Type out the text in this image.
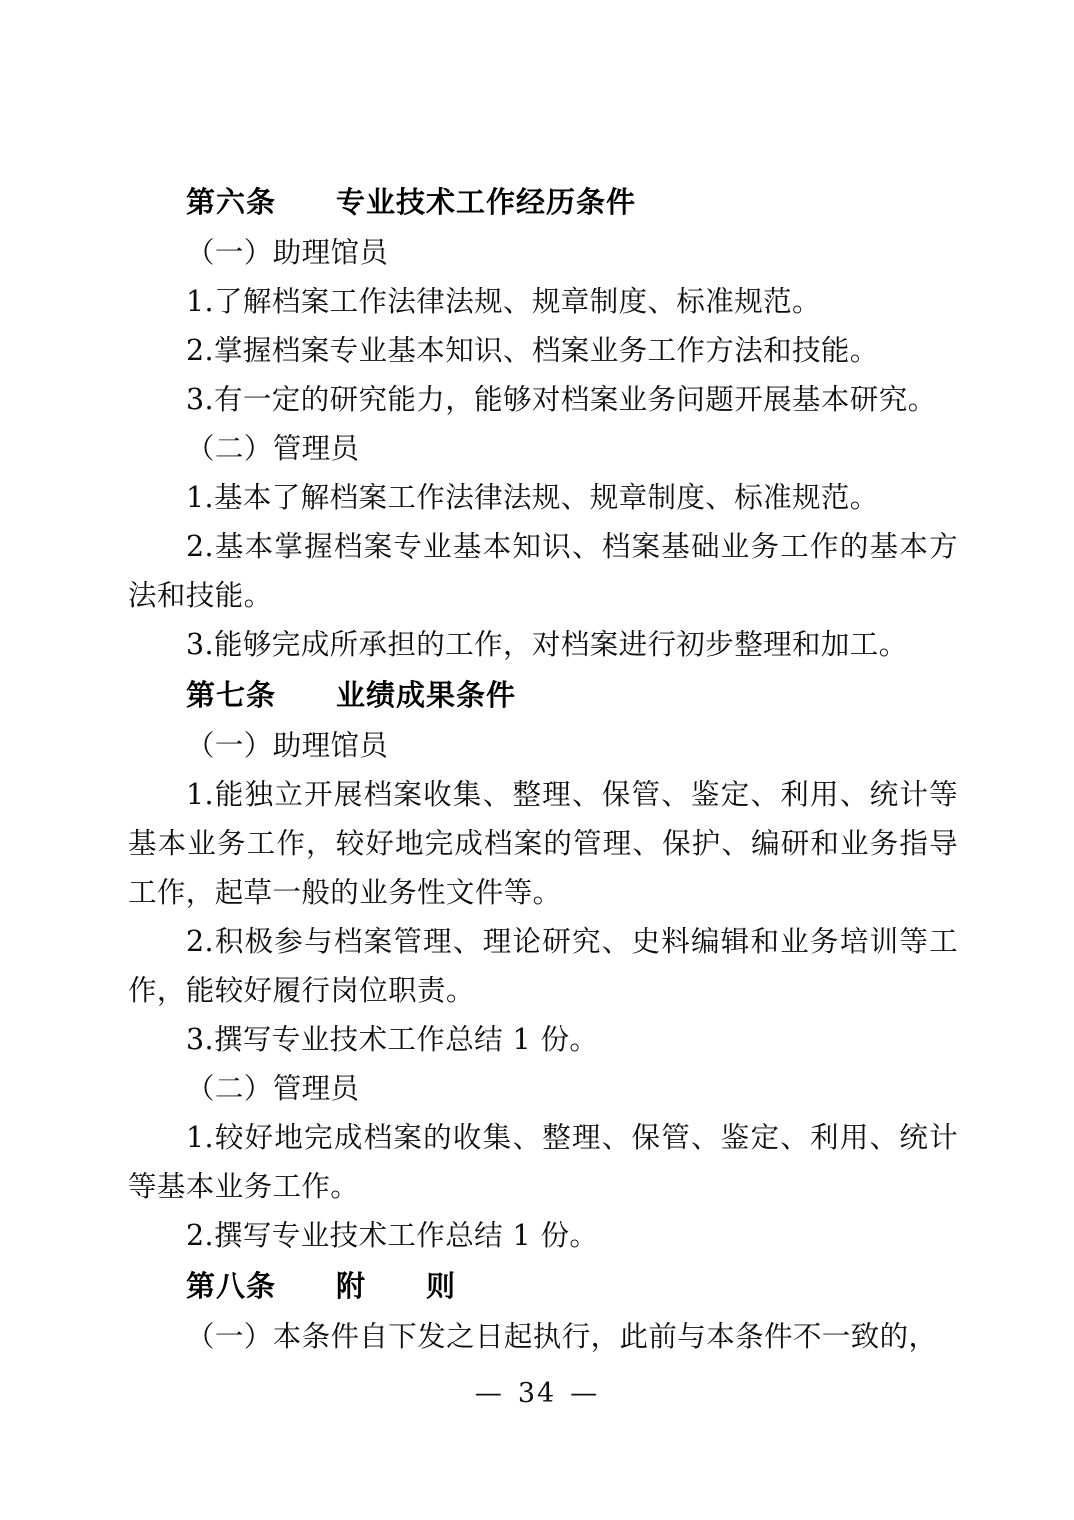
第六条　　专业技术工作经历条件

（一）助理馆员

1.了解档案工作法律法规、规章制度、标准规范。

2.掌握档案专业基本知识、档案业务工作方法和技能。

3.有一定的研究能力，能够对档案业务问题开展基本研究。

（二）管理员

1.基本了解档案工作法律法规、规章制度、标准规范。

2.基本掌握档案专业基本知识、档案基础业务工作的基本方法和技能。

3.能够完成所承担的工作，对档案进行初步整理和加工。

第七条　　业绩成果条件

（一）助理馆员

1.能独立开展档案收集、整理、保管、鉴定、利用、统计等基本业务工作，较好地完成档案的管理、保护、编研和业务指导工作，起草一般的业务性文件等。

2.积极参与档案管理、理论研究、史料编辑和业务培训等工作，能较好履行岗位职责。

3.撰写专业技术工作总结 1 份。

（二）管理员

1.较好地完成档案的收集、整理、保管、鉴定、利用、统计等基本业务工作。

2.撰写专业技术工作总结 1 份。

第八条　　附　　则

（一）本条件自下发之日起执行，此前与本条件不一致的，

— 34 —
